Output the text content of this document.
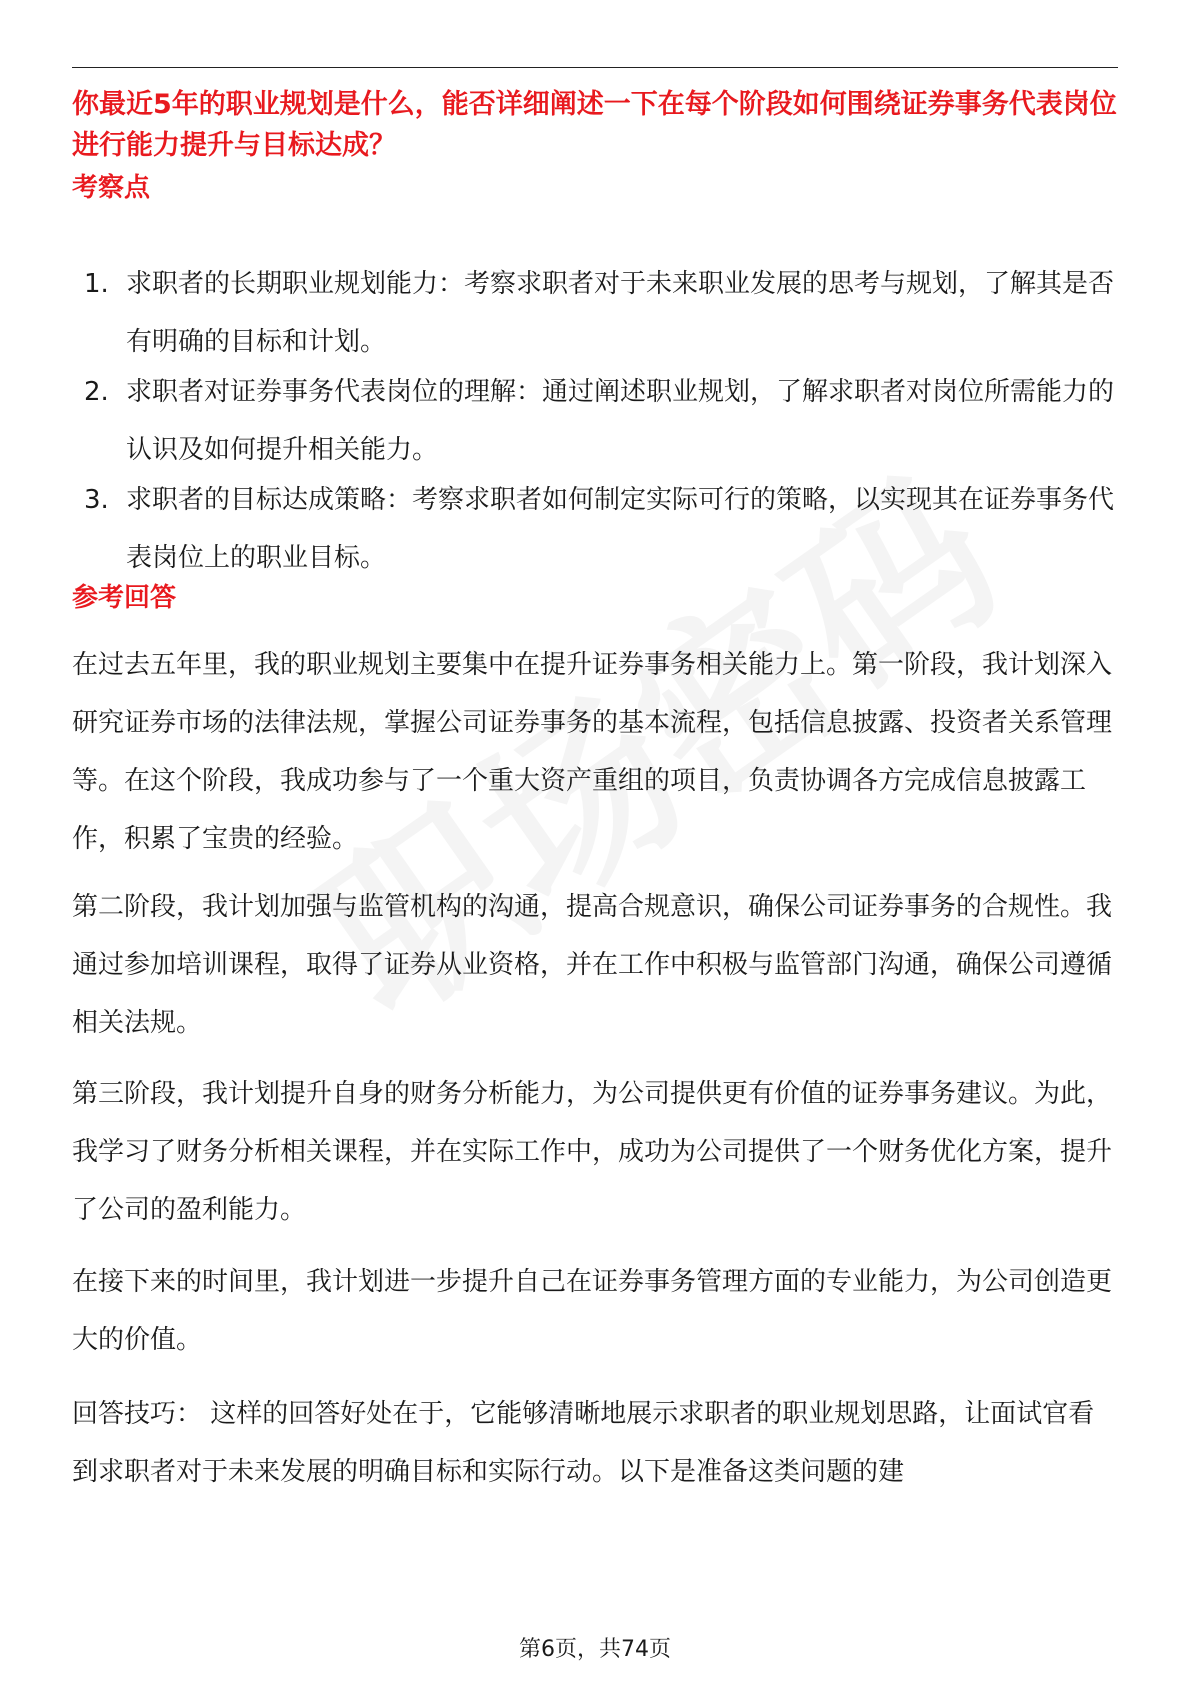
你最近5年的职业规划是什么，能否详细阐述一下在每个阶段如何围绕证券事务代表岗位进行能力提升与目标达成？
考察点
1. 求职者的长期职业规划能力：考察求职者对于未来职业发展的思考与规划，了解其是否有明确的目标和计划。
2. 求职者对证券事务代表岗位的理解：通过阐述职业规划，了解求职者对岗位所需能力的认识及如何提升相关能力。
3. 求职者的目标达成策略：考察求职者如何制定实际可行的策略，以实现其在证券事务代表岗位上的职业目标。
参考回答

在过去五年里，我的职业规划主要集中在提升证券事务相关能力上。第一阶段，我计划深入研究证券市场的法律法规，掌握公司证券事务的基本流程，包括信息披露、投资者关系管理等。在这个阶段，我成功参与了一个重大资产重组的项目，负责协调各方完成信息披露工作，积累了宝贵的经验。

第二阶段，我计划加强与监管机构的沟通，提高合规意识，确保公司证券事务的合规性。我通过参加培训课程，取得了证券从业资格，并在工作中积极与监管部门沟通，确保公司遵循相关法规。

第三阶段，我计划提升自身的财务分析能力，为公司提供更有价值的证券事务建议。为此，我学习了财务分析相关课程，并在实际工作中，成功为公司提供了一个财务优化方案，提升了公司的盈利能力。

在接下来的时间里，我计划进一步提升自己在证券事务管理方面的专业能力，为公司创造更大的价值。

回答技巧： 这样的回答好处在于，它能够清晰地展示求职者的职业规划思路，让面试官看到求职者对于未来发展的明确目标和实际行动。以下是准备这类问题的建

第6页，共74页
